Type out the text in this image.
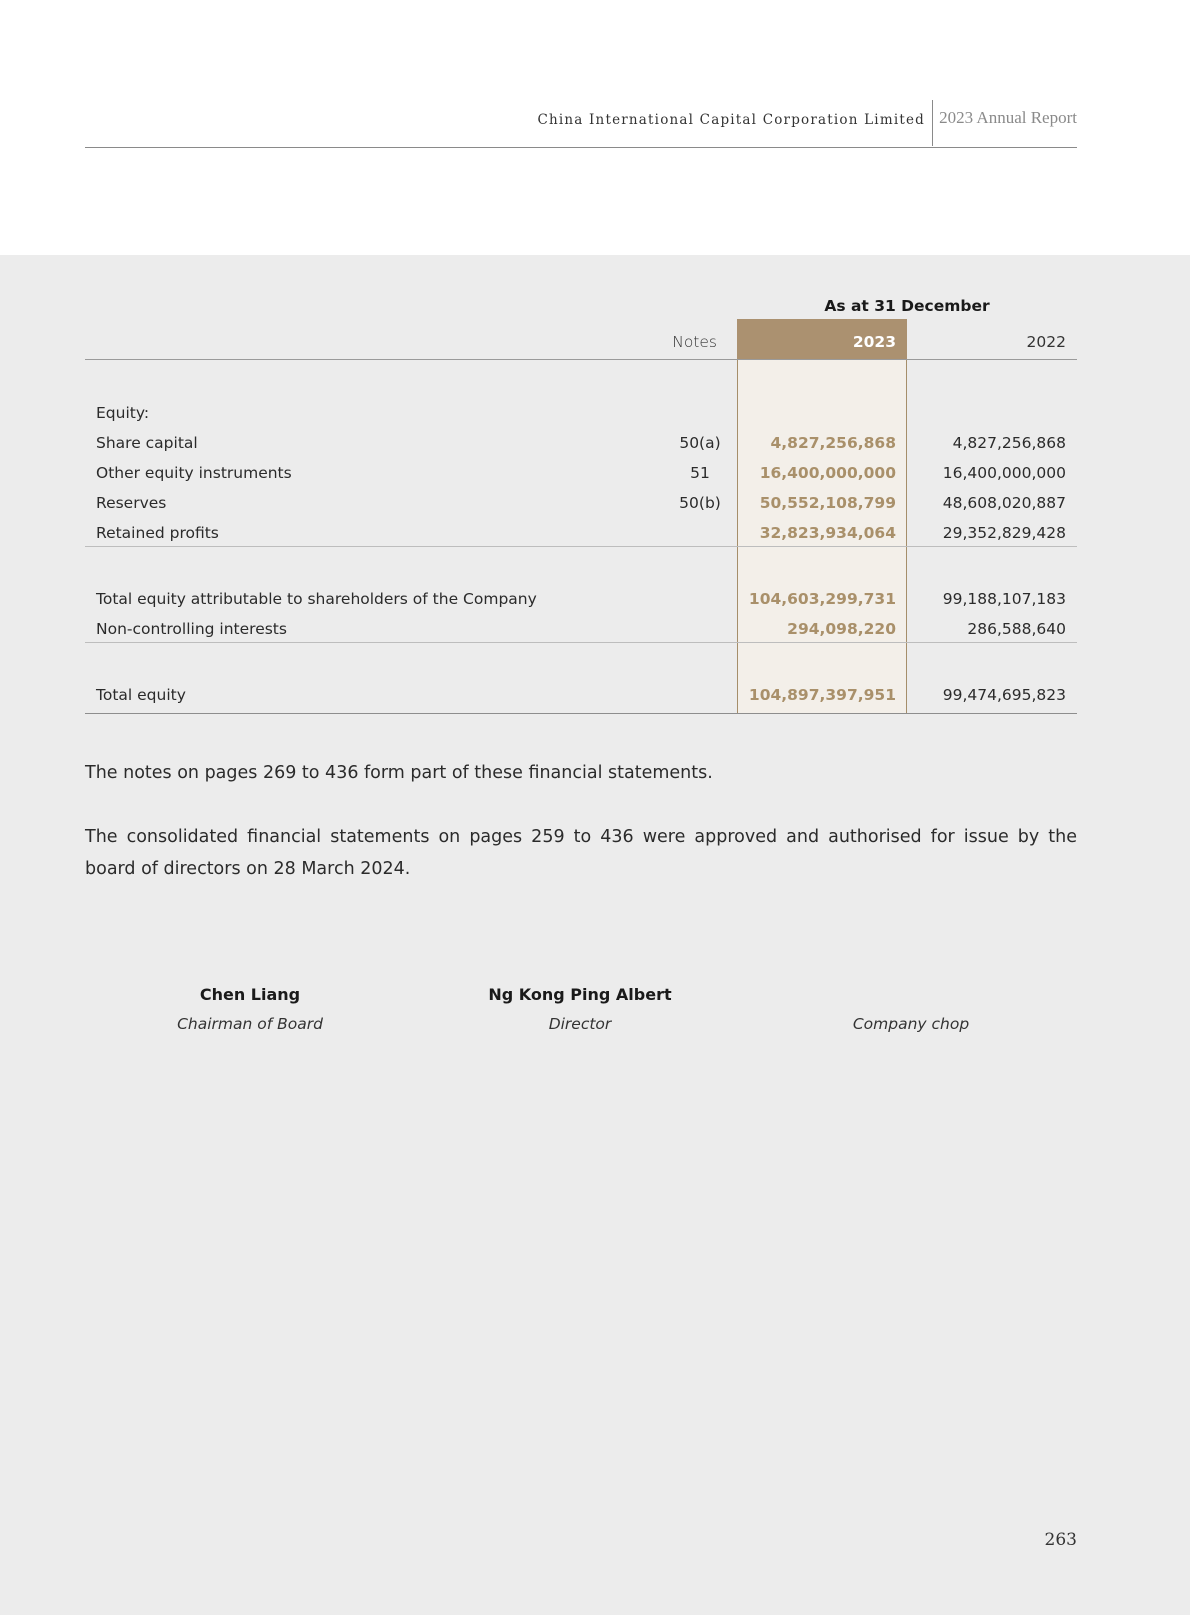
China International Capital Corporation Limited 2023 Annual Report
As at 31 December
Notes	2023	2022
Equity:
Share capital	50(a)	4,827,256,868	4,827,256,868
Other equity instruments	51	16,400,000,000	16,400,000,000
Reserves	50(b)	50,552,108,799	48,608,020,887
Retained profits	32,823,934,064	29,352,829,428
Total equity attributable to shareholders of the Company	104,603,299,731	99,188,107,183
Non-controlling interests	294,098,220	286,588,640
Total equity	104,897,397,951	99,474,695,823

The notes on pages 269 to 436 form part of these financial statements.

The consolidated financial statements on pages 259 to 436 were approved and authorised for issue by the board of directors on 28 March 2024.

Chen Liang
Chairman of Board
Ng Kong Ping Albert
Director	Company chop
263
